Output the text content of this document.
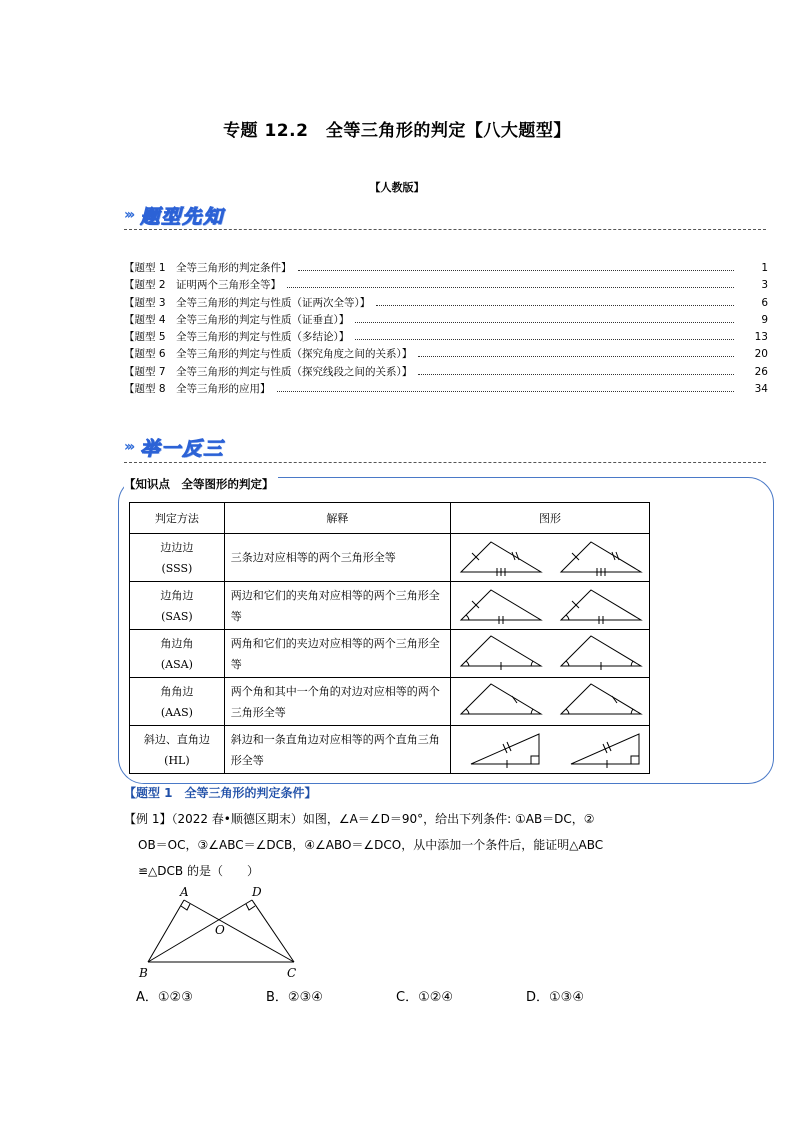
专题 12.2　全等三角形的判定【八大题型】
【人教版】
››› 题型先知
【题型 1　全等三角形的判定条件】	1
【题型 2　证明两个三角形全等】	3
【题型 3　全等三角形的判定与性质（证两次全等）】	6
【题型 4　全等三角形的判定与性质（证垂直）】	9
【题型 5　全等三角形的判定与性质（多结论）】	13
【题型 6　全等三角形的判定与性质（探究角度之间的关系）】	20
【题型 7　全等三角形的判定与性质（探究线段之间的关系）】	26
【题型 8　全等三角形的应用】	34
››› 举一反三
【知识点　全等图形的判定】
判定方法	解释	图形

边边边
(SSS)	三条边对应相等的两个三角形全等	

边角边
(SAS)	两边和它们的夹角对应相等的两个三角形全等	

角边角
(ASA)	两角和它们的夹边对应相等的两个三角形全等	

角角边
(AAS)	两个角和其中一个角的对边对应相等的两个三角形全等	

斜边、直角边
(HL)	斜边和一条直角边对应相等的两个直角三角形全等	
【题型 1　全等三角形的判定条件】
【例 1】（2022 春•顺德区期末）如图，∠A＝∠D＝90°，给出下列条件: ①AB＝DC，②
OB＝OC，③∠ABC＝∠DCB，④∠ABO＝∠DCO，从中添加一个条件后，能证明△ABC
≌△DCB 的是（　　）
A	D
O
B	C
A．①②③	B．②③④	C．①②④	D．①③④
